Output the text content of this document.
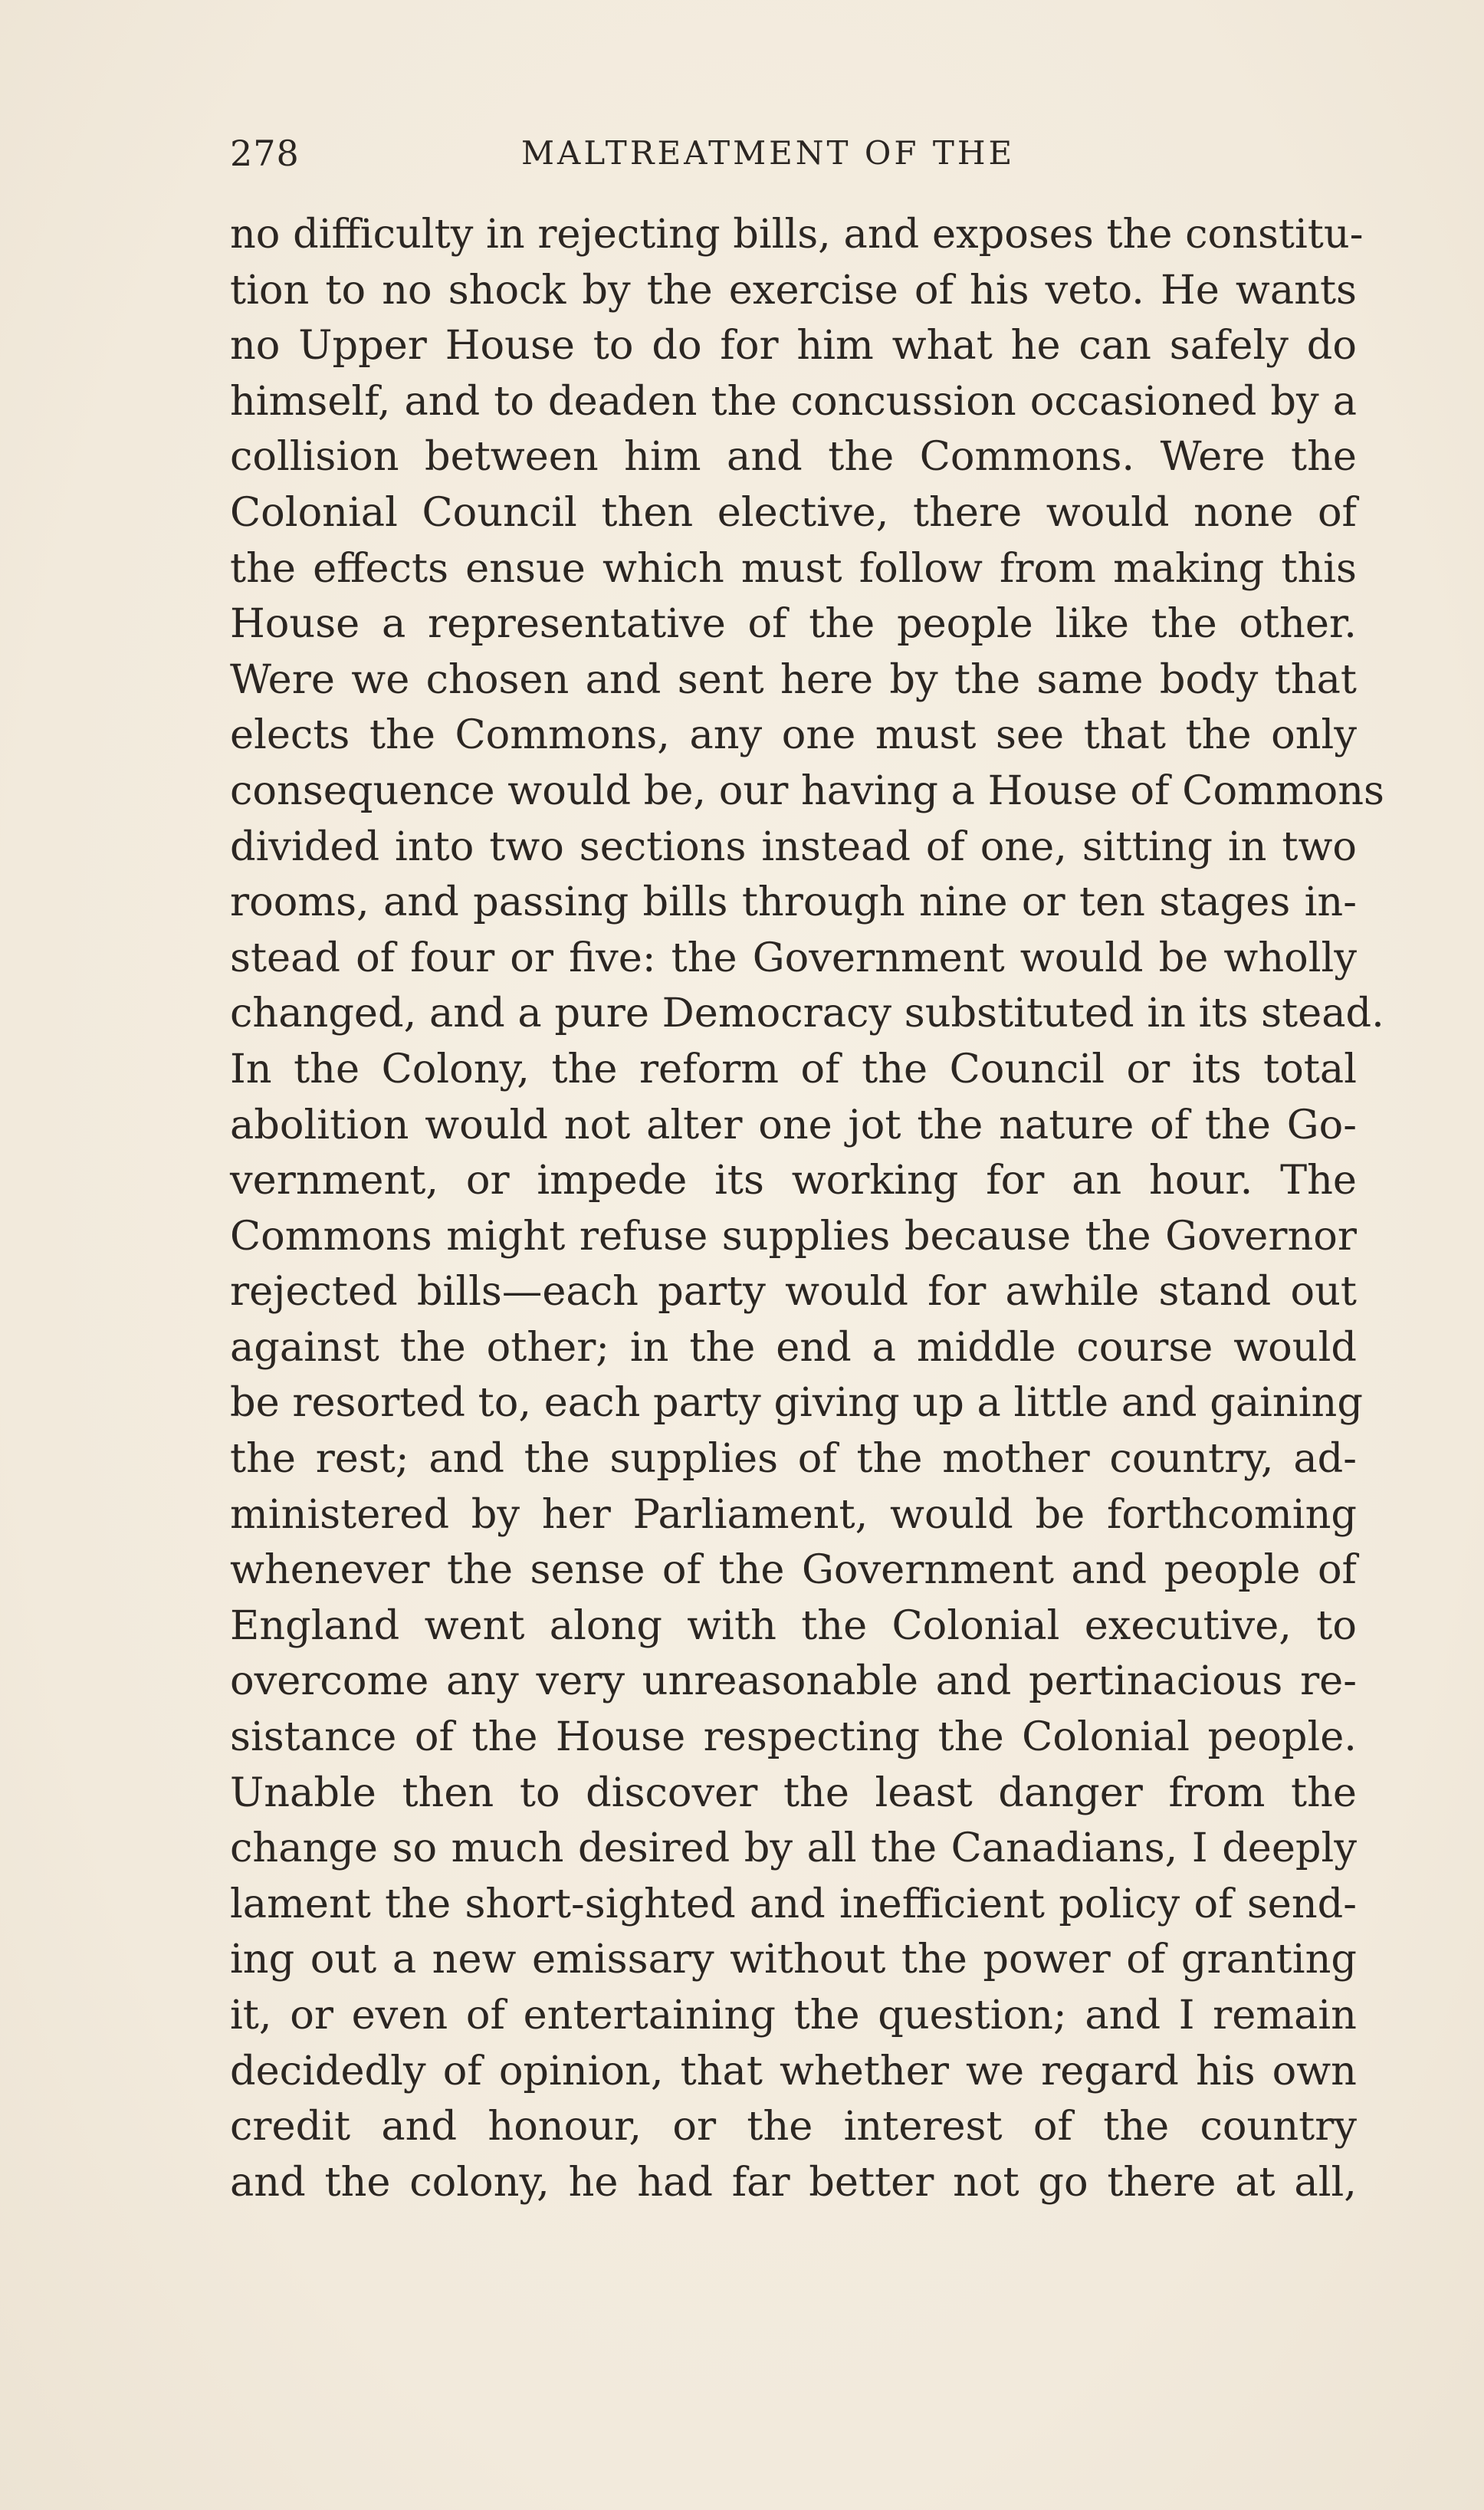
278	MALTREATMENT OF THE
no difficulty in rejecting bills, and exposes the constitu-
tion to no shock by the exercise of his veto. He wants
no Upper House to do for him what he can safely do
himself, and to deaden the concussion occasioned by a
collision between him and the Commons. Were the
Colonial Council then elective, there would none of
the effects ensue which must follow from making this
House a representative of the people like the other.
Were we chosen and sent here by the same body that
elects the Commons, any one must see that the only
consequence would be, our having a House of Commons
divided into two sections instead of one, sitting in two
rooms, and passing bills through nine or ten stages in-
stead of four or five: the Government would be wholly
changed, and a pure Democracy substituted in its stead.
In the Colony, the reform of the Council or its total
abolition would not alter one jot the nature of the Go-
vernment, or impede its working for an hour. The
Commons might refuse supplies because the Governor
rejected bills—each party would for awhile stand out
against the other; in the end a middle course would
be resorted to, each party giving up a little and gaining
the rest; and the supplies of the mother country, ad-
ministered by her Parliament, would be forthcoming
whenever the sense of the Government and people of
England went along with the Colonial executive, to
overcome any very unreasonable and pertinacious re-
sistance of the House respecting the Colonial people.
Unable then to discover the least danger from the
change so much desired by all the Canadians, I deeply
lament the short-sighted and inefficient policy of send-
ing out a new emissary without the power of granting
it, or even of entertaining the question; and I remain
decidedly of opinion, that whether we regard his own
credit and honour, or the interest of the country
and the colony, he had far better not go there at all,
